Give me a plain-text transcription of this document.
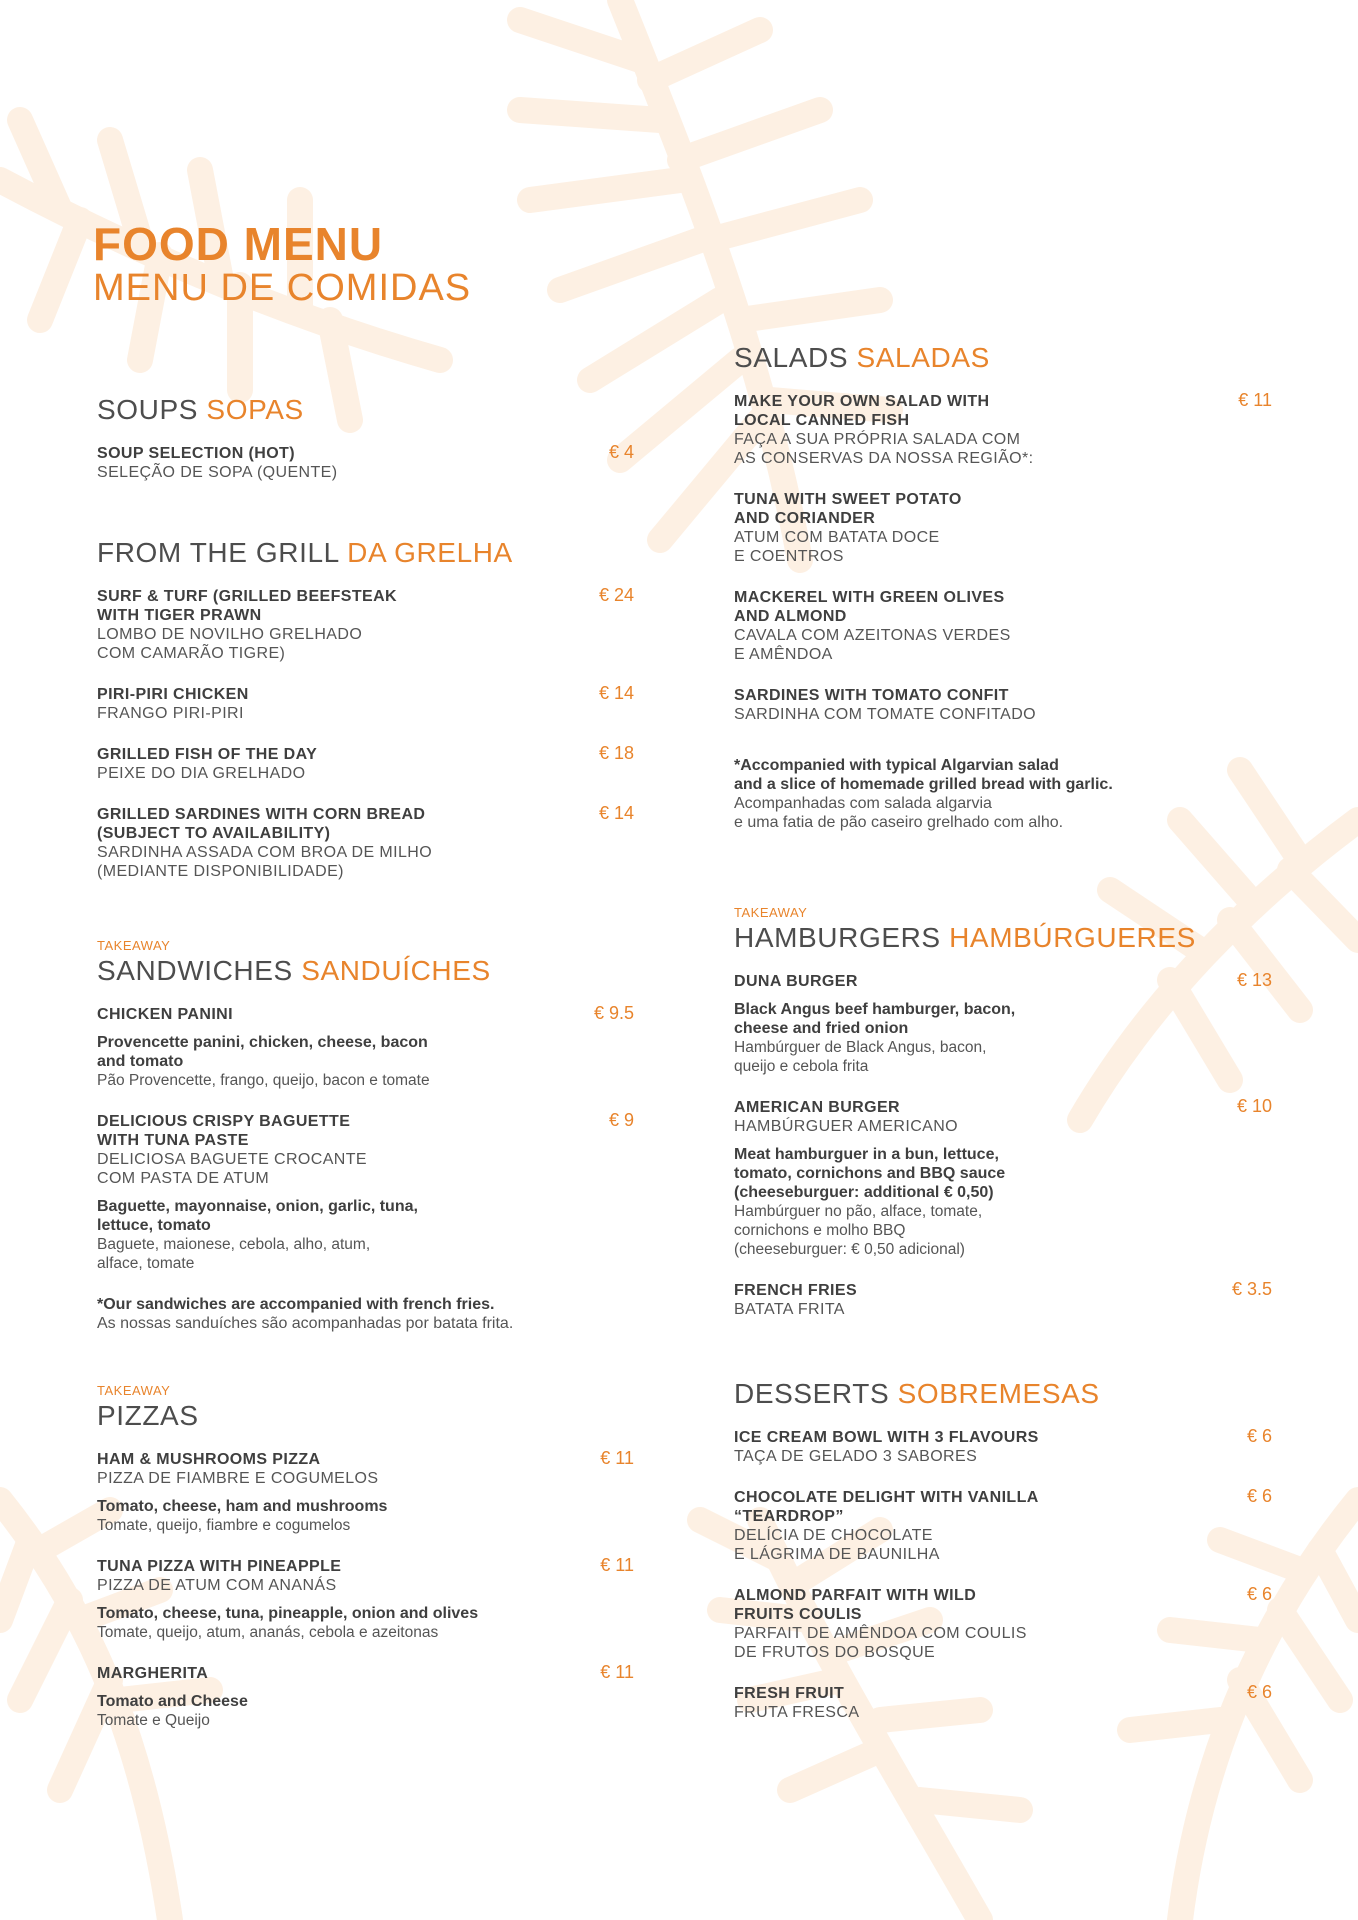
FOOD MENU
MENU DE COMIDAS
SOUPS SOPAS
SOUP SELECTION (HOT)
SELEÇÃO DE SOPA (QUENTE)
€ 4
FROM THE GRILL DA GRELHA
SURF & TURF (GRILLED BEEFSTEAK
WITH TIGER PRAWN
LOMBO DE NOVILHO GRELHADO
COM CAMARÃO TIGRE)
€ 24
PIRI-PIRI CHICKEN
FRANGO PIRI-PIRI
€ 14
GRILLED FISH OF THE DAY
PEIXE DO DIA GRELHADO
€ 18
GRILLED SARDINES WITH CORN BREAD
(SUBJECT TO AVAILABILITY)
SARDINHA ASSADA COM BROA DE MILHO
(MEDIANTE DISPONIBILIDADE)
€ 14
TAKEAWAY
SANDWICHES SANDUÍCHES
CHICKEN PANINI
Provencette panini, chicken, cheese, bacon
and tomato
Pão Provencette, frango, queijo, bacon e tomate
€ 9.5
DELICIOUS CRISPY BAGUETTE
WITH TUNA PASTE
DELICIOSA BAGUETE CROCANTE
COM PASTA DE ATUM
Baguette, mayonnaise, onion, garlic, tuna,
lettuce, tomato
Baguete, maionese, cebola, alho, atum,
alface, tomate
€ 9
*Our sandwiches are accompanied with french fries.
As nossas sanduíches são acompanhadas por batata frita.
TAKEAWAY
PIZZAS
HAM & MUSHROOMS PIZZA
PIZZA DE FIAMBRE E COGUMELOS
Tomato, cheese, ham and mushrooms
Tomate, queijo, fiambre e cogumelos
€ 11
TUNA PIZZA WITH PINEAPPLE
PIZZA DE ATUM COM ANANÁS
Tomato, cheese, tuna, pineapple, onion and olives
Tomate, queijo, atum, ananás, cebola e azeitonas
€ 11
MARGHERITA
Tomato and Cheese
Tomate e Queijo
€ 11
SALADS SALADAS
MAKE YOUR OWN SALAD WITH
LOCAL CANNED FISH
FAÇA A SUA PRÓPRIA SALADA COM
AS CONSERVAS DA NOSSA REGIÃO*:
€ 11
TUNA WITH SWEET POTATO
AND CORIANDER
ATUM COM BATATA DOCE
E COENTROS
MACKEREL WITH GREEN OLIVES
AND ALMOND
CAVALA COM AZEITONAS VERDES
E AMÊNDOA
SARDINES WITH TOMATO CONFIT
SARDINHA COM TOMATE CONFITADO
*Accompanied with typical Algarvian salad
and a slice of homemade grilled bread with garlic.
Acompanhadas com salada algarvia
e uma fatia de pão caseiro grelhado com alho.
TAKEAWAY
HAMBURGERS HAMBÚRGUERES
DUNA BURGER
Black Angus beef hamburger, bacon,
cheese and fried onion
Hambúrguer de Black Angus, bacon,
queijo e cebola frita
€ 13
AMERICAN BURGER
HAMBÚRGUER AMERICANO
Meat hamburguer in a bun, lettuce,
tomato, cornichons and BBQ sauce
(cheeseburguer: additional € 0,50)
Hambúrguer no pão, alface, tomate,
cornichons e molho BBQ
(cheeseburguer: € 0,50 adicional)
€ 10
FRENCH FRIES
BATATA FRITA
€ 3.5
DESSERTS SOBREMESAS
ICE CREAM BOWL WITH 3 FLAVOURS
TAÇA DE GELADO 3 SABORES
€ 6
CHOCOLATE DELIGHT WITH VANILLA
“TEARDROP”
DELÍCIA DE CHOCOLATE
E LÁGRIMA DE BAUNILHA
€ 6
ALMOND PARFAIT WITH WILD
FRUITS COULIS
PARFAIT DE AMÊNDOA COM COULIS
DE FRUTOS DO BOSQUE
€ 6
FRESH FRUIT
FRUTA FRESCA
€ 6
